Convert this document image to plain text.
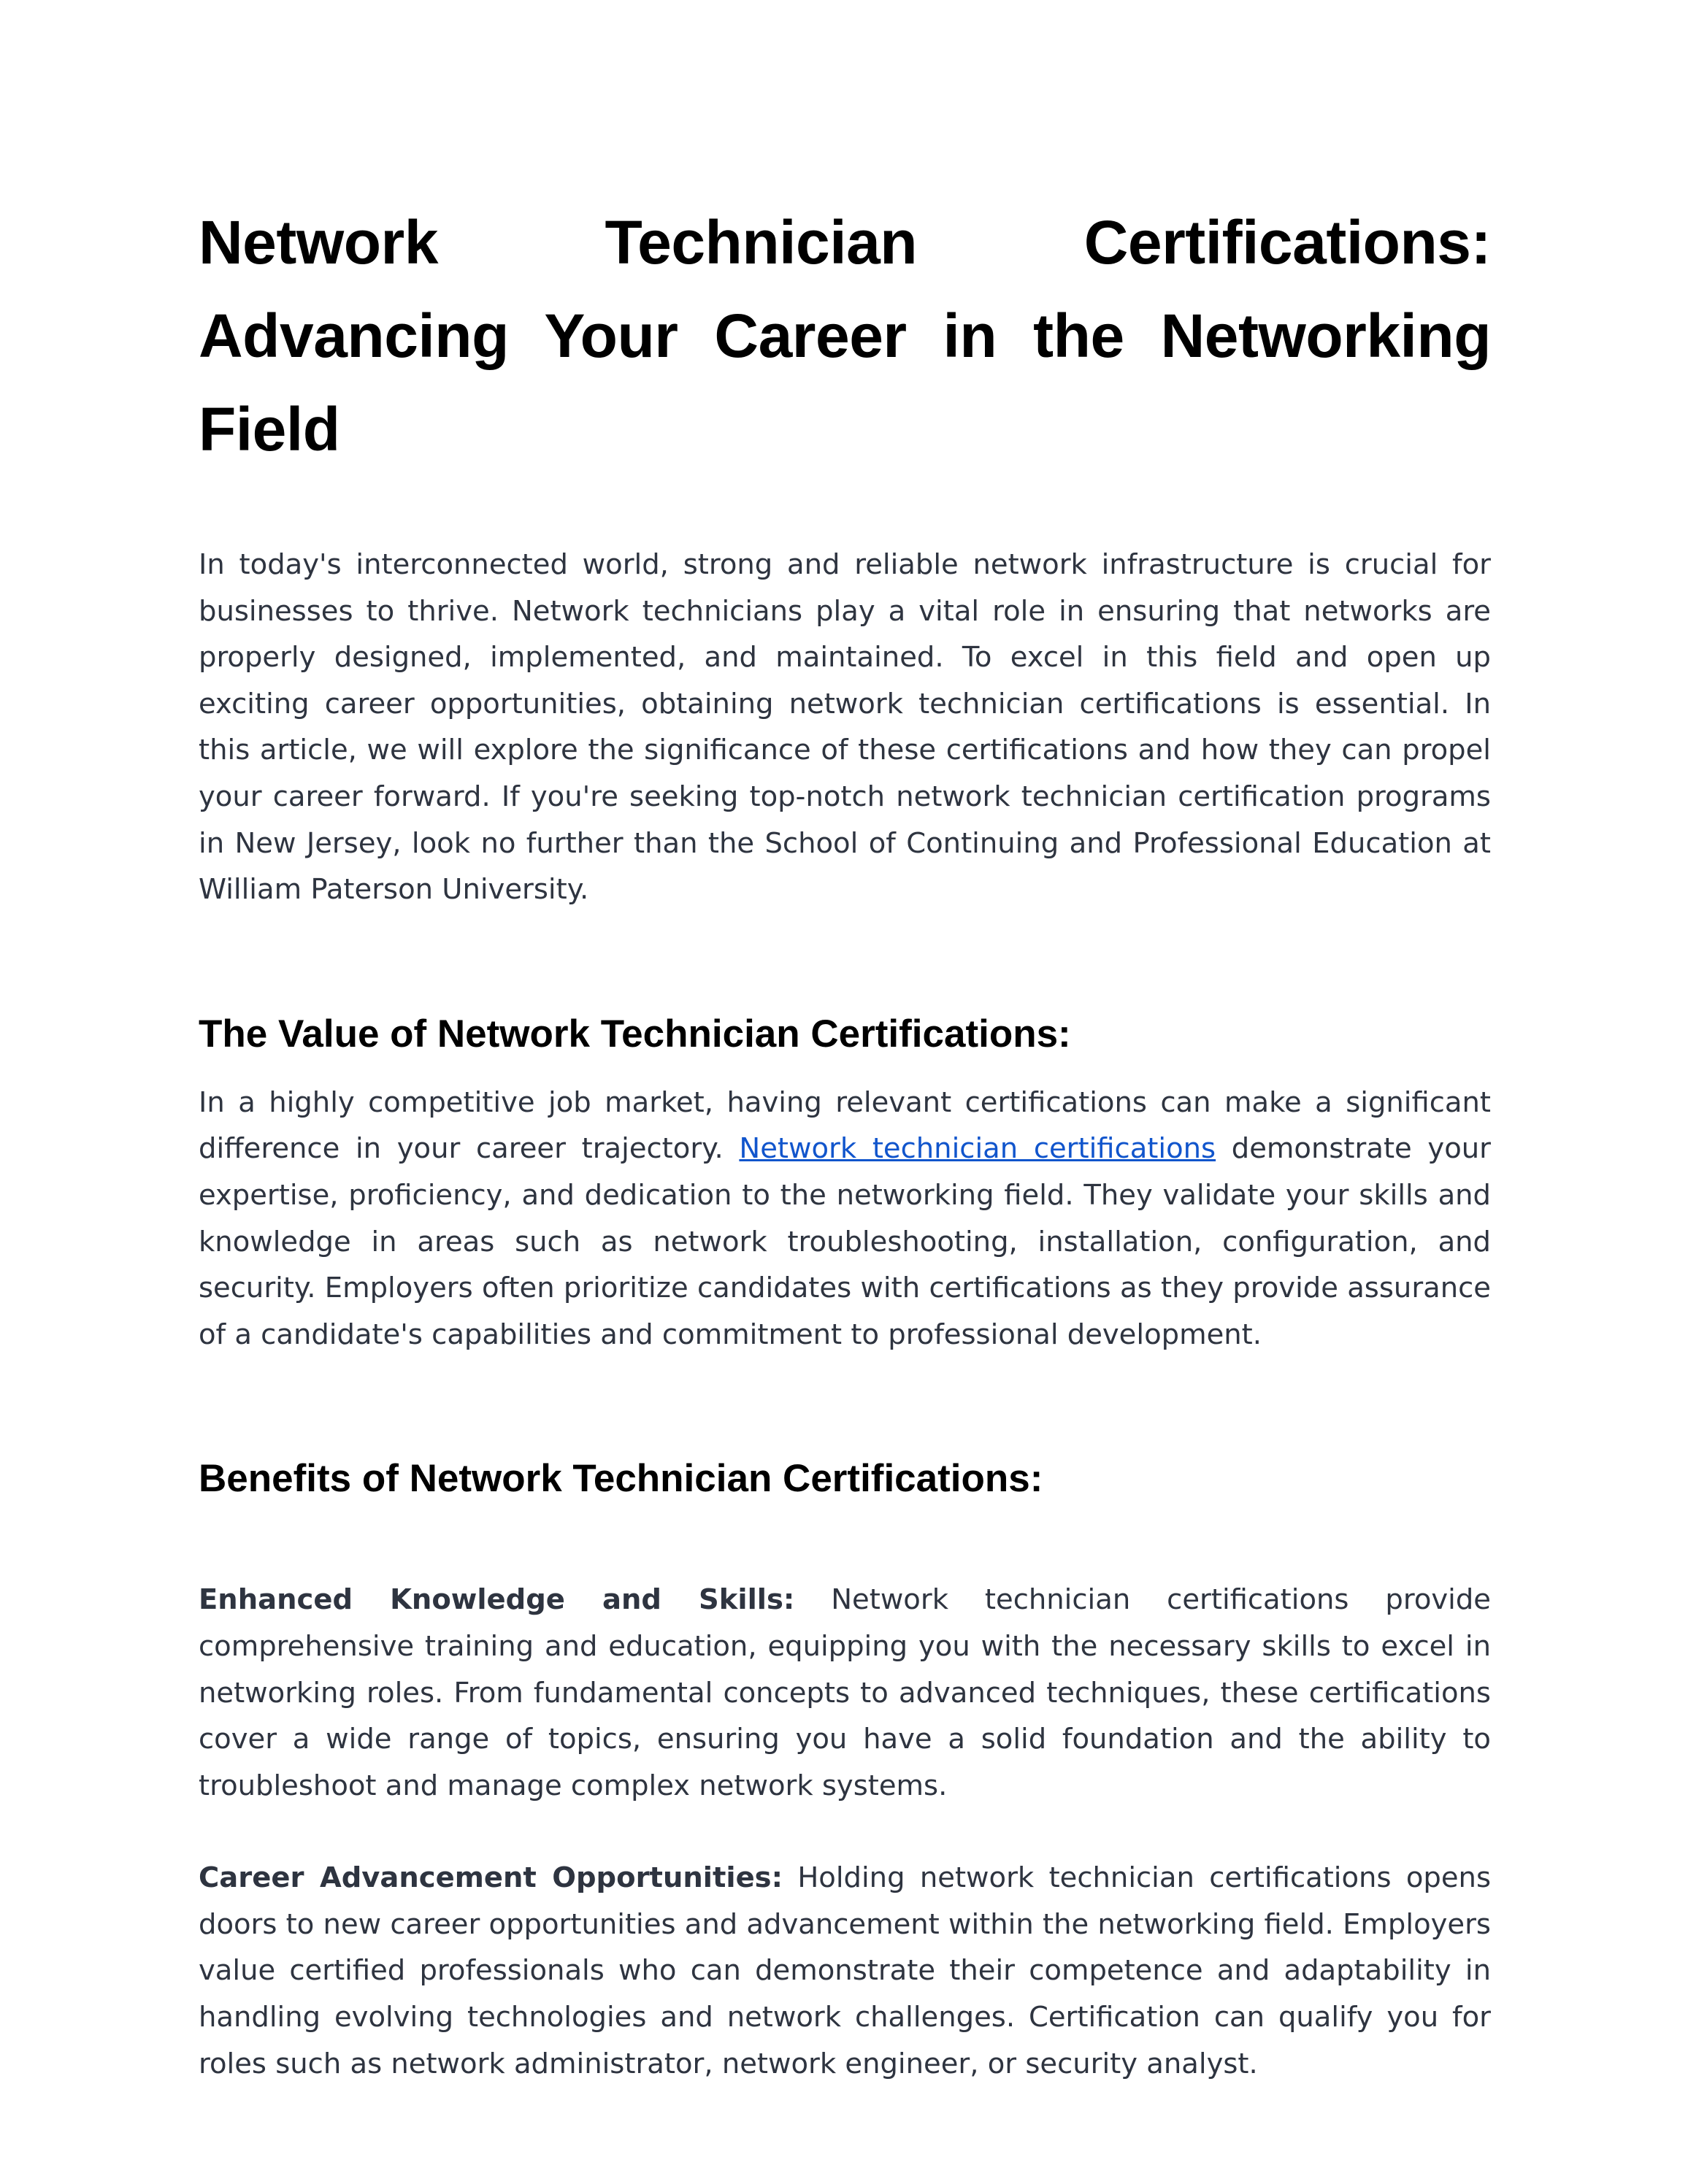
Network Technician Certifications: Advancing Your Career in the Networking Field

In today's interconnected world, strong and reliable network infrastructure is crucial for businesses to thrive. Network technicians play a vital role in ensuring that networks are properly designed, implemented, and maintained. To excel in this field and open up exciting career opportunities, obtaining network technician certifications is essential. In this article, we will explore the significance of these certifications and how they can propel your career forward. If you're seeking top-notch network technician certification programs in New Jersey, look no further than the School of Continuing and Professional Education at William Paterson University.

The Value of Network Technician Certifications:

In a highly competitive job market, having relevant certifications can make a significant difference in your career trajectory. Network technician certifications demonstrate your expertise, proficiency, and dedication to the networking field. They validate your skills and knowledge in areas such as network troubleshooting, installation, configuration, and security. Employers often prioritize candidates with certifications as they provide assurance of a candidate's capabilities and commitment to professional development.

Benefits of Network Technician Certifications:

Enhanced Knowledge and Skills: Network technician certifications provide comprehensive training and education, equipping you with the necessary skills to excel in networking roles. From fundamental concepts to advanced techniques, these certifications cover a wide range of topics, ensuring you have a solid foundation and the ability to troubleshoot and manage complex network systems.

Career Advancement Opportunities: Holding network technician certifications opens doors to new career opportunities and advancement within the networking field. Employers value certified professionals who can demonstrate their competence and adaptability in handling evolving technologies and network challenges. Certification can qualify you for roles such as network administrator, network engineer, or security analyst.
